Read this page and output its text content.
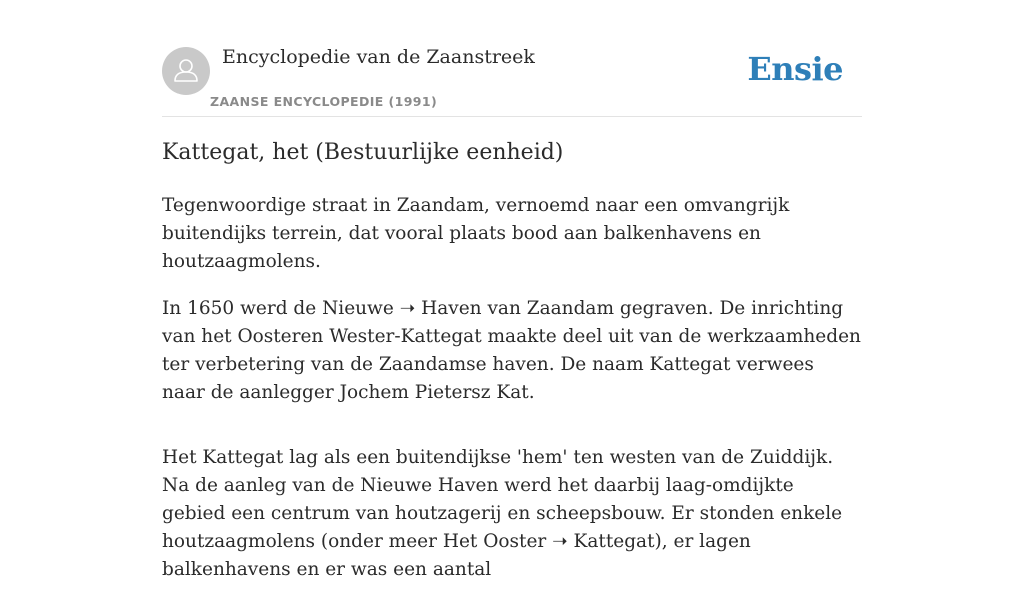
Encyclopedie van de Zaanstreek
ZAANSE ENCYCLOPEDIE (1991)
Ensie
Kattegat, het (Bestuurlijke eenheid)

Tegenwoordige straat in Zaandam, vernoemd naar een omvangrijk buitendijks terrein, dat vooral plaats bood aan balkenhavens en houtzaagmolens.

In 1650 werd de Nieuwe ➝ Haven van Zaandam gegraven. De inrichting van het Oosteren Wester-Kattegat maakte deel uit van de werkzaamheden ter verbetering van de Zaandamse haven. De naam Kattegat verwees naar de aanlegger Jochem Pietersz Kat.

Het Kattegat lag als een buitendijkse 'hem' ten westen van de Zuiddijk. Na de aanleg van de Nieuwe Haven werd het daarbij laag-omdijkte gebied een centrum van houtzagerij en scheepsbouw. Er stonden enkele houtzaagmolens (onder meer Het Ooster ➝ Kattegat), er lagen balkenhavens en er was een aantal
